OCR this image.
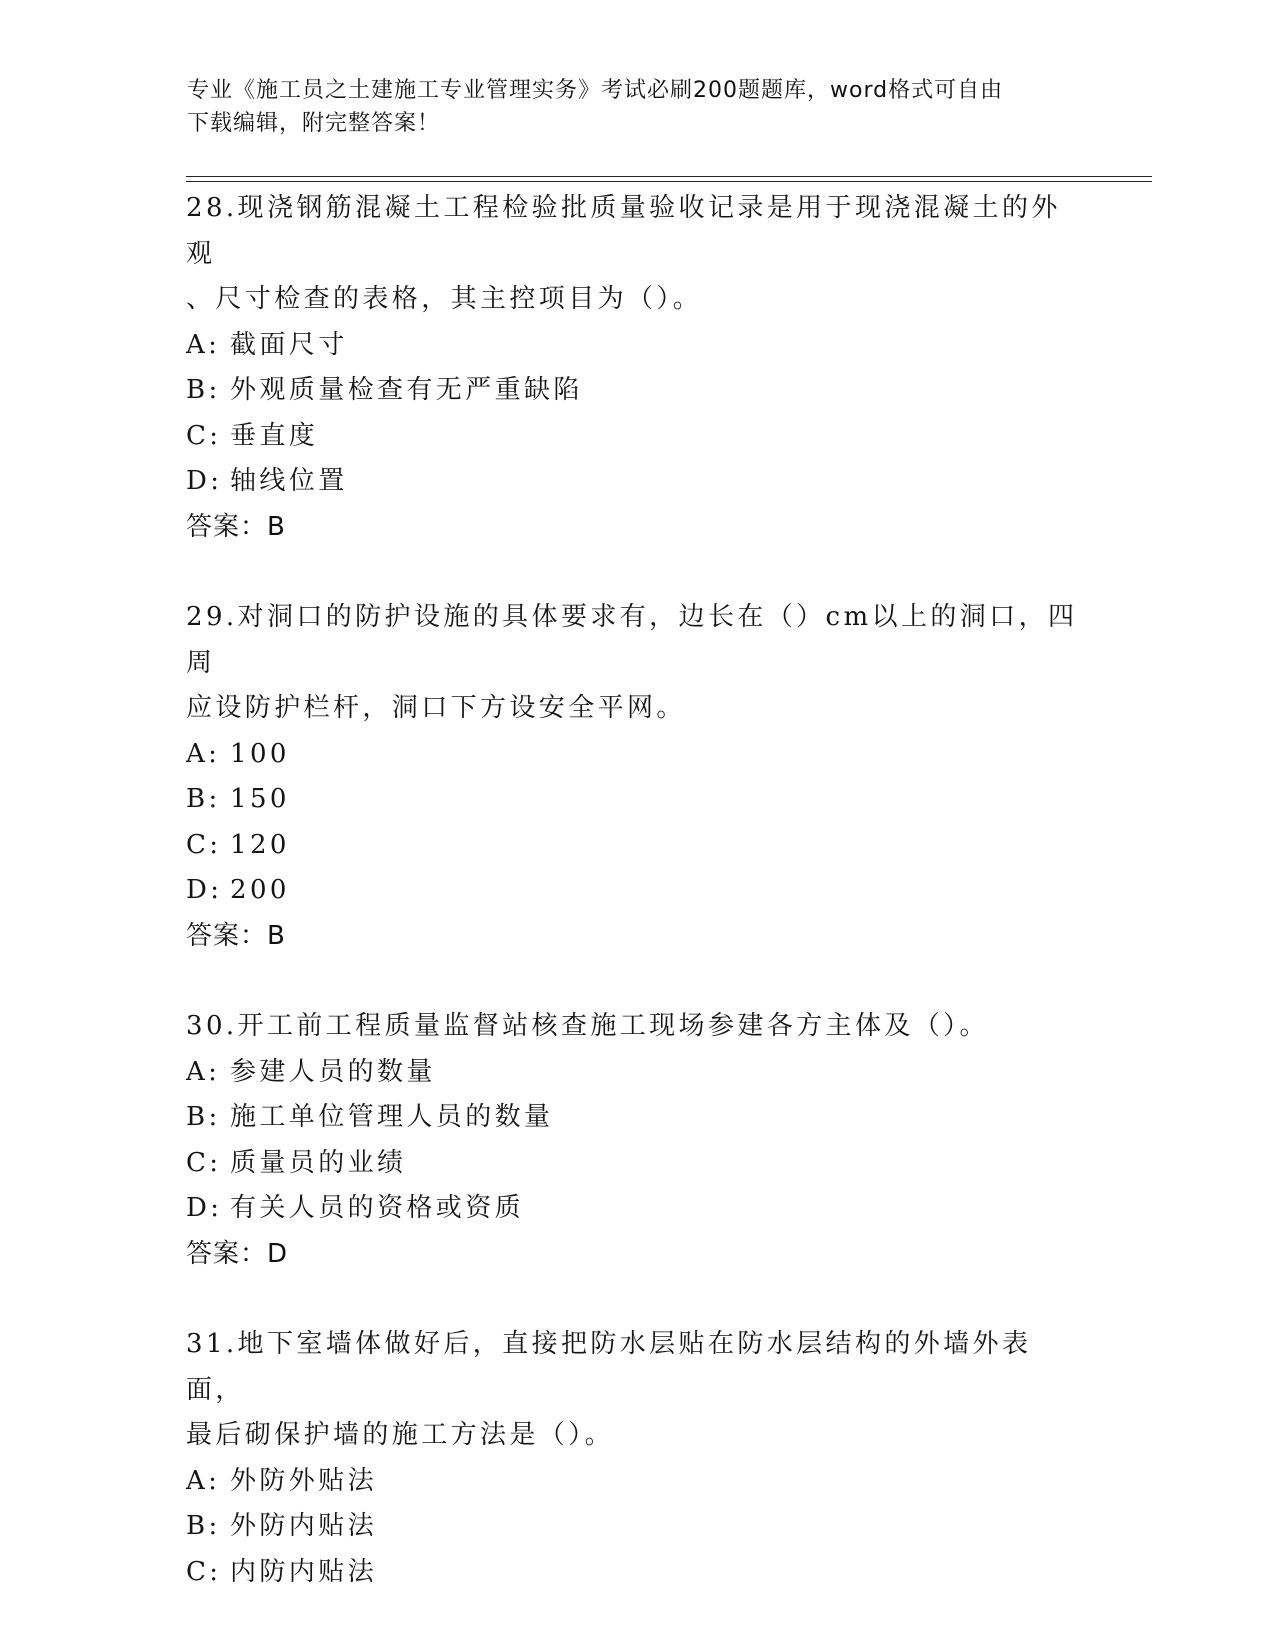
专业《施工员之土建施工专业管理实务》考试必刷200题题库，word格式可自由
下载编辑，附完整答案！
28.现浇钢筋混凝土工程检验批质量验收记录是用于现浇混凝土的外观
、尺寸检查的表格，其主控项目为（）。
A: 截面尺寸
B: 外观质量检查有无严重缺陷
C: 垂直度
D: 轴线位置
答案：B
29.对洞口的防护设施的具体要求有，边长在（）cm以上的洞口，四周
应设防护栏杆，洞口下方设安全平网。
A: 100
B: 150
C: 120
D: 200
答案：B
30.开工前工程质量监督站核查施工现场参建各方主体及（）。
A: 参建人员的数量
B: 施工单位管理人员的数量
C: 质量员的业绩
D: 有关人员的资格或资质
答案：D
31.地下室墙体做好后，直接把防水层贴在防水层结构的外墙外表面，
最后砌保护墙的施工方法是（）。
A: 外防外贴法
B: 外防内贴法
C: 内防内贴法
